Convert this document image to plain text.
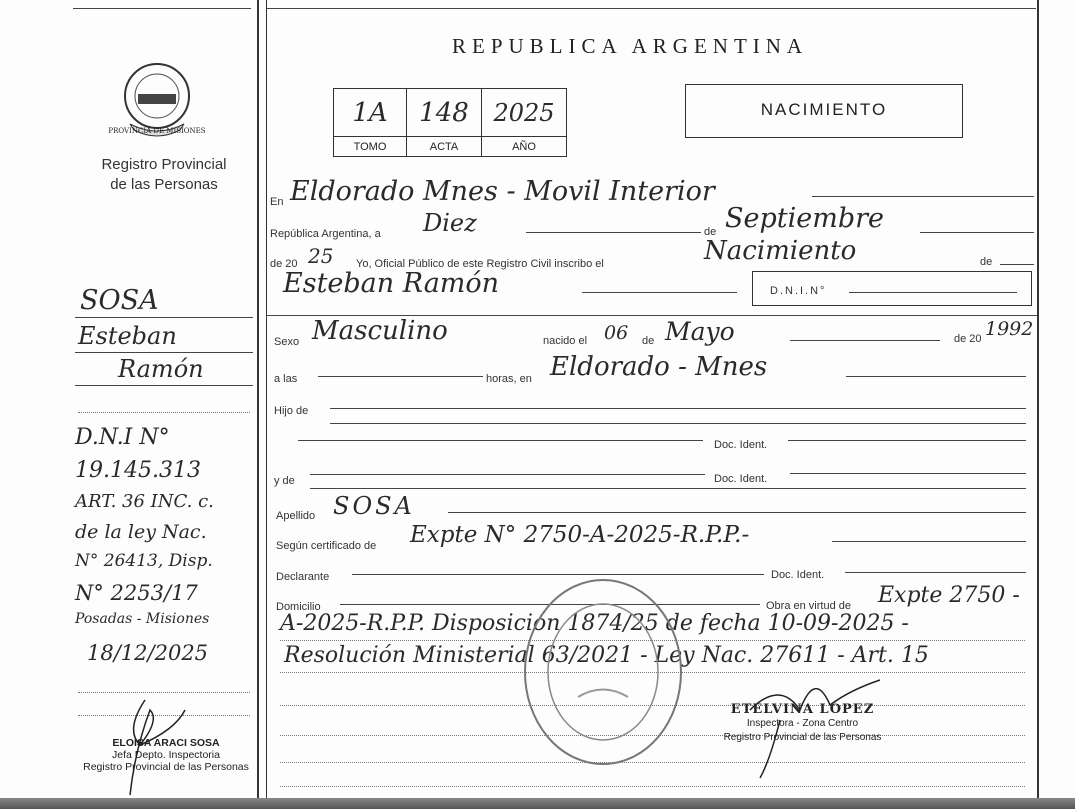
PROVINCIA DE MISIONES
Registro Provincial
de las Personas
SOSA
Esteban
Ramón
D.N.I N°
19.145.313
ART. 36 INC. c.
de la ley Nac.
N° 26413, Disp.
N° 2253/17
Posadas - Misiones
18/12/2025
ELOISA ARACI SOSA
Jefa Depto. Inspectoria
Registro Provincial de las Personas
REPUBLICA ARGENTINA
1A	148	2025
TOMO	ACTA	AÑO
NACIMIENTO
En Eldorado Mnes - Movil Interior
República Argentina, a Diez	de Septiembre
de 20 25 Yo, Oficial Público de este Registro Civil inscribo el	Nacimiento	de
Esteban Ramón	D.N.I.N°
Sexo Masculino	nacido el 06 de Mayo	de 20 1992
a las	horas, en Eldorado - Mnes
Hijo de
Doc. Ident.
y de	Doc. Ident.
Apellido SOSA
Según certificado de Expte N° 2750-A-2025-R.P.P.-
Declarante	Doc. Ident.
Domicilio	Obra en virtud de Expte 2750 -
A-2025-R.P.P. Disposición 1874/25 de fecha 10-09-2025 -
Resolución Ministerial 63/2021 - Ley Nac. 27611 - Art. 15
ETELVINA LÓPEZ
Inspectora - Zona Centro
Registro Provincial de las Personas
